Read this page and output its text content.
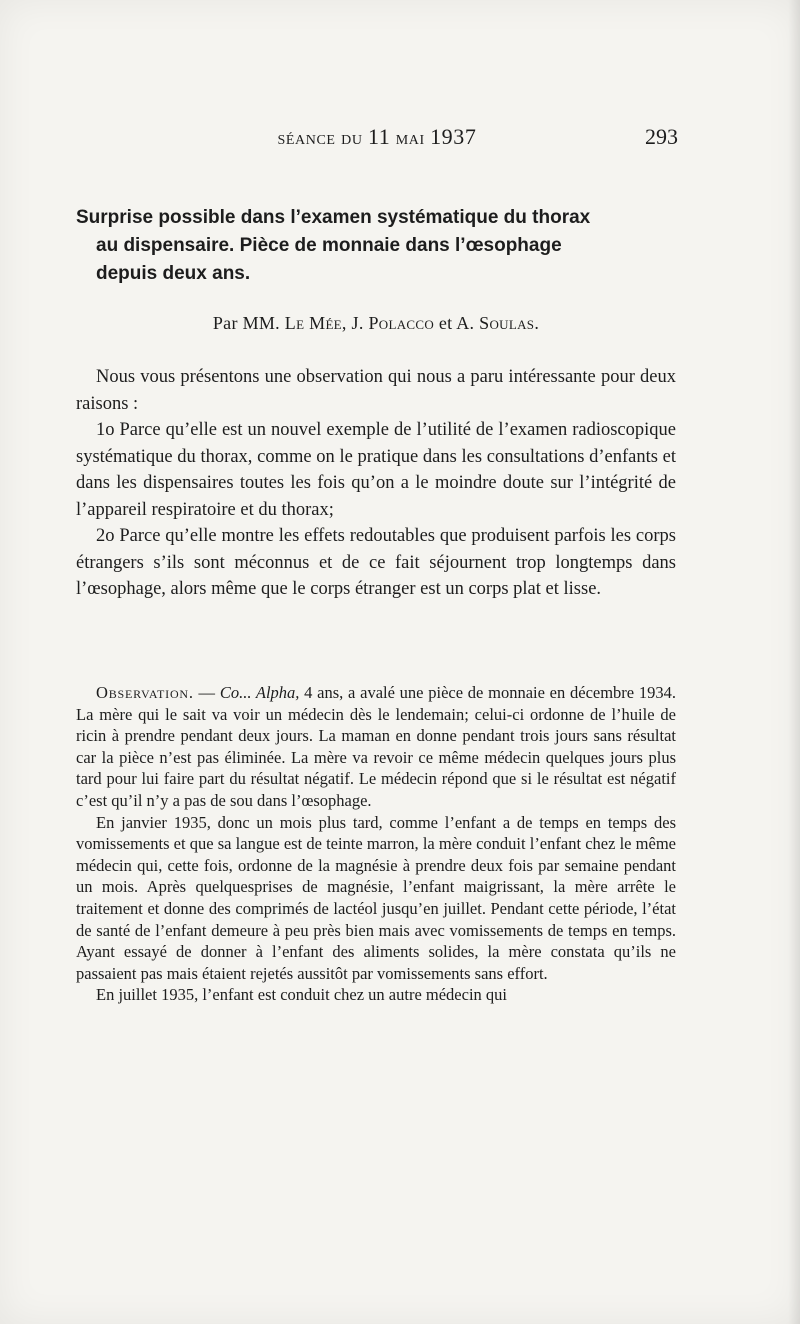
séance du 11 mai 1937	293
Surprise possible dans l’examen systématique du thorax
au dispensaire. Pièce de monnaie dans l’œsophage
depuis deux ans.
Par MM. Le Mée, J. Polacco et A. Soulas.

Nous vous présentons une observation qui nous a paru intéressante pour deux raisons :

1o Parce qu’elle est un nouvel exemple de l’utilité de l’examen radioscopique systématique du thorax, comme on le pratique dans les consultations d’enfants et dans les dispensaires toutes les fois qu’on a le moindre doute sur l’intégrité de l’appareil respiratoire et du thorax;

2o Parce qu’elle montre les effets redoutables que produisent parfois les corps étrangers s’ils sont méconnus et de ce fait séjournent trop longtemps dans l’œsophage, alors même que le corps étranger est un corps plat et lisse.

Observation. — Co... Alpha, 4 ans, a avalé une pièce de monnaie en décembre 1934. La mère qui le sait va voir un médecin dès le lendemain; celui-ci ordonne de l’huile de ricin à prendre pendant deux jours. La maman en donne pendant trois jours sans résultat car la pièce n’est pas éliminée. La mère va revoir ce même médecin quelques jours plus tard pour lui faire part du résultat négatif. Le médecin répond que si le résultat est négatif c’est qu’il n’y a pas de sou dans l’œsophage.

En janvier 1935, donc un mois plus tard, comme l’enfant a de temps en temps des vomissements et que sa langue est de teinte marron, la mère conduit l’enfant chez le même médecin qui, cette fois, ordonne de la magnésie à prendre deux fois par semaine pendant un mois. Après quelquesprises de magnésie, l’enfant maigrissant, la mère arrête le traitement et donne des comprimés de lactéol jusqu’en juillet. Pendant cette période, l’état de santé de l’enfant demeure à peu près bien mais avec vomissements de temps en temps. Ayant essayé de donner à l’enfant des aliments solides, la mère constata qu’ils ne passaient pas mais étaient rejetés aussitôt par vomissements sans effort.

En juillet 1935, l’enfant est conduit chez un autre médecin qui
